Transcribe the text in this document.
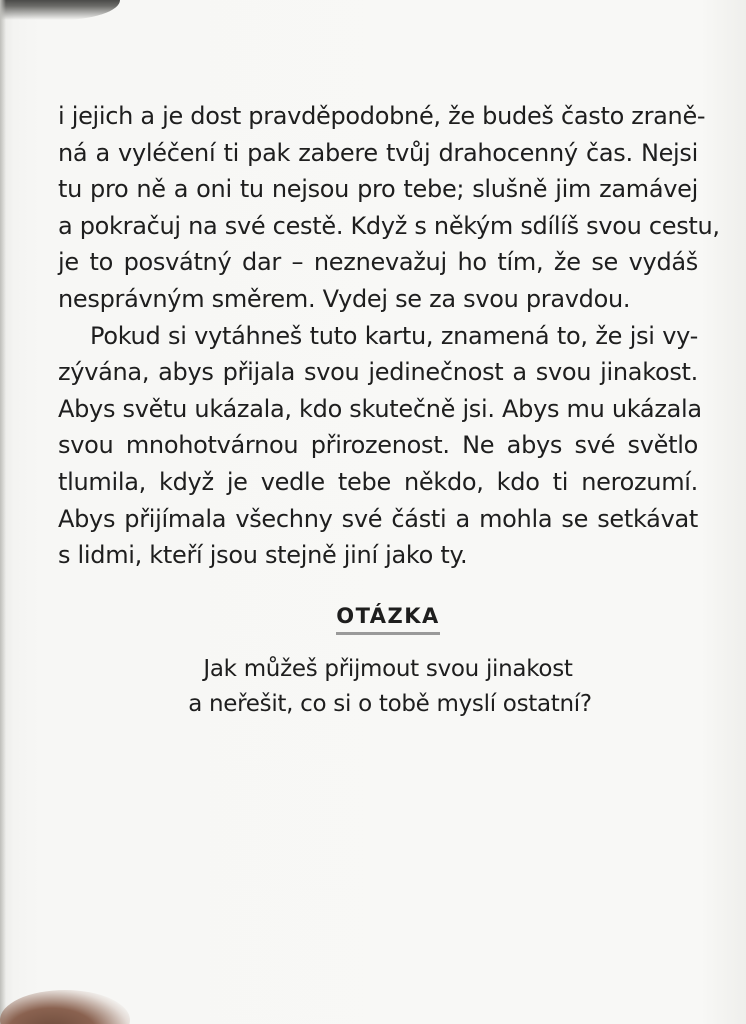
i jejich a je dost pravděpodobné, že budeš často zraně-
ná a vyléčení ti pak zabere tvůj drahocenný čas. Nejsi
tu pro ně a oni tu nejsou pro tebe; slušně jim zamávej
a pokračuj na své cestě. Když s někým sdílíš svou cestu,
je to posvátný dar – neznevažuj ho tím, že se vydáš
nesprávným směrem. Vydej se za svou pravdou.
Pokud si vytáhneš tuto kartu, znamená to, že jsi vy-
zývána, abys přijala svou jedinečnost a svou jinakost.
Abys světu ukázala, kdo skutečně jsi. Abys mu ukázala
svou mnohotvárnou přirozenost. Ne abys své světlo
tlumila, když je vedle tebe někdo, kdo ti nerozumí.
Abys přijímala všechny své části a mohla se setkávat
s lidmi, kteří jsou stejně jiní jako ty.
OTÁZKA
Jak můžeš přijmout svou jinakost
a neřešit, co si o tobě myslí ostatní?
